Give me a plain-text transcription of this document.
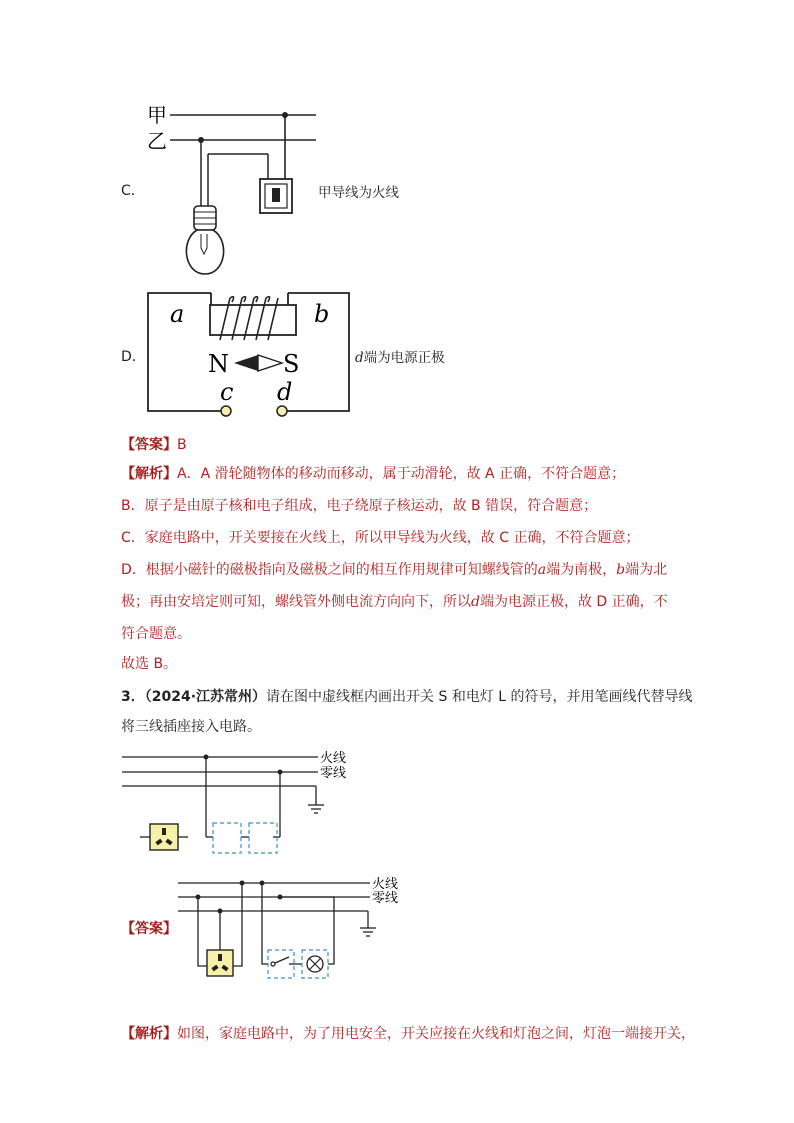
C．
甲
乙
甲导线为火线
D．
a	b
N S
c d
d端为电源正极
【答案】B
【解析】A．A 滑轮随物体的移动而移动，属于动滑轮，故 A 正确，不符合题意；
B．原子是由原子核和电子组成，电子绕原子核运动，故 B 错误，符合题意；
C．家庭电路中，开关要接在火线上，所以甲导线为火线，故 C 正确，不符合题意；
D．根据小磁针的磁极指向及磁极之间的相互作用规律可知螺线管的a端为南极，b端为北
极；再由安培定则可知，螺线管外侧电流方向向下，所以d端为电源正极，故 D 正确，不
符合题意。
故选 B。
3．（2024·江苏常州）请在图中虚线框内画出开关 S 和电灯 L 的符号，并用笔画线代替导线
将三线插座接入电路。
火线
零线
【答案】
火线
零线
【解析】如图，家庭电路中，为了用电安全，开关应接在火线和灯泡之间，灯泡一端接开关，
